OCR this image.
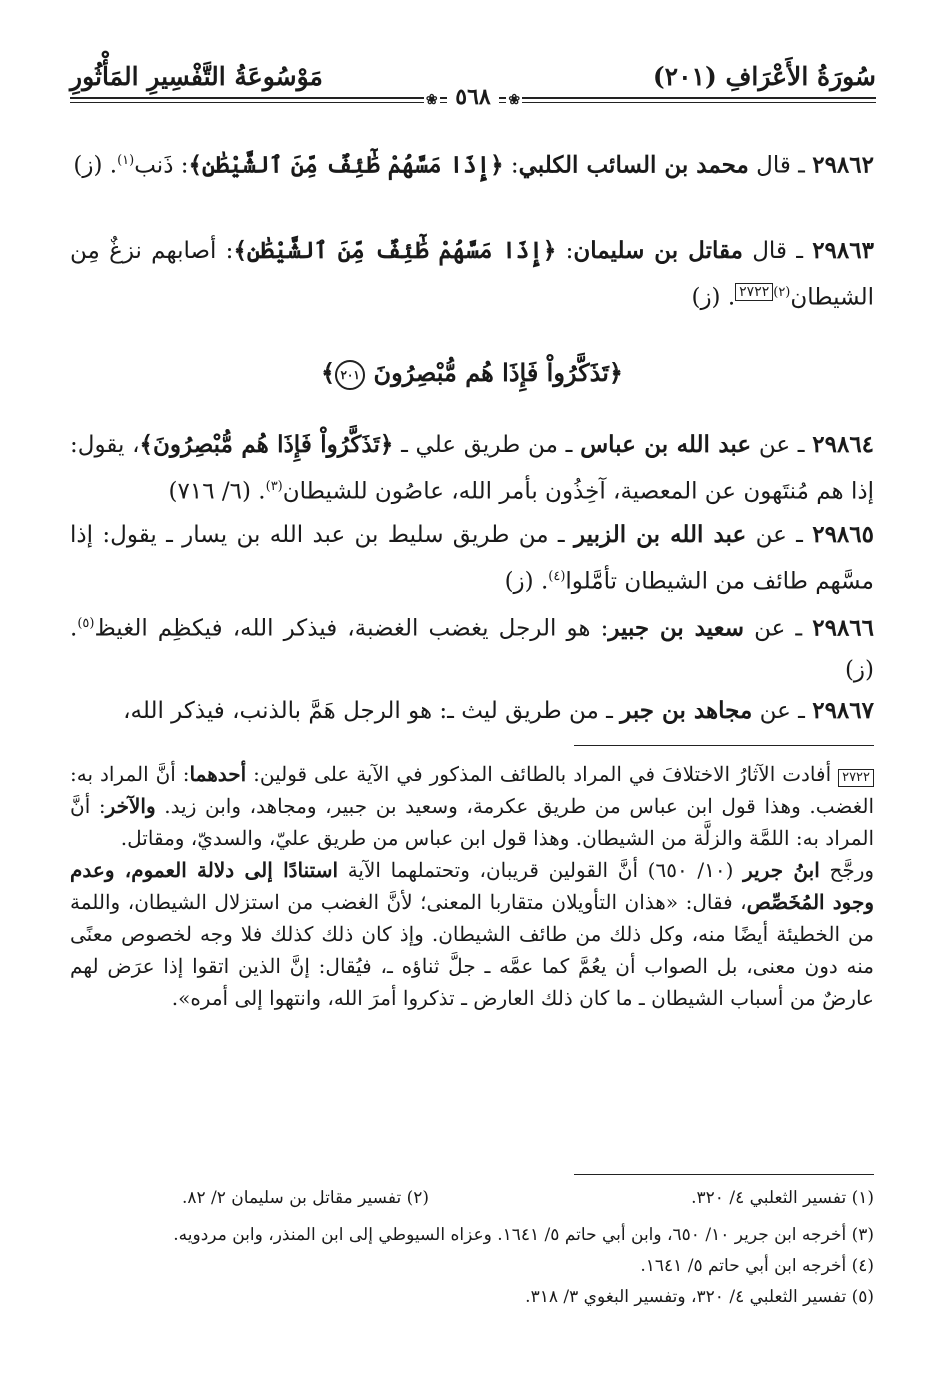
سُورَةُ الأَعْرَافِ (٢٠١)
مَوْسُوعَةُ التَّفْسِيرِ المَأْثُورِ
❀ ٥٦٨ ❀
٢٩٨٦٢ ـ قال محمد بن السائب الكلبي: ﴿إِذَا مَسَّهُمْ طَٰٓئِفٌ مِّنَ ٱلشَّيْطَٰنِ﴾: ذَنب$^{(١)}$. (ز)
٢٩٨٦٣ ـ قال مقاتل بن سليمان: ﴿إِذَا مَسَّهُمْ طَٰٓئِفٌ مِّنَ ٱلشَّيْطَٰنِ﴾: أصابهم نزغٌ مِن الشيطان$^{(٢)}$٢٧٢٢. (ز)
﴿تَذَكَّرُواْ فَإِذَا هُم مُّبْصِرُونَ ٢٠١﴾
٢٩٨٦٤ ـ عن عبد الله بن عباس ـ من طريق علي ـ ﴿تَذَكَّرُواْ فَإِذَا هُم مُّبْصِرُونَ﴾، يقول: إذا هم مُنتَهون عن المعصية، آخِذُون بأمر الله، عاصُون للشيطان$^{(٣)}$. (٦/ ٧١٦)
٢٩٨٦٥ ـ عن عبد الله بن الزبير ـ من طريق سليط بن عبد الله بن يسار ـ يقول: إذا مسَّهم طائف من الشيطان تأمَّلوا$^{(٤)}$. (ز)
٢٩٨٦٦ ـ عن سعيد بن جبير: هو الرجل يغضب الغضبة، فيذكر الله، فيكظِم الغيظ$^{(٥)}$. (ز)
٢٩٨٦٧ ـ عن مجاهد بن جبر ـ من طريق ليث ـ: هو الرجل هَمَّ بالذنب، فيذكر الله،
٢٧٢٢ أفادت الآثارُ الاختلافَ في المراد بالطائف المذكور في الآية على قولين: أحدهما: أنَّ المراد به: الغضب. وهذا قول ابن عباس من طريق عكرمة، وسعيد بن جبير، ومجاهد، وابن زيد. والآخر: أنَّ المراد به: اللمَّة والزلَّة من الشيطان. وهذا قول ابن عباس من طريق عليّ، والسديّ، ومقاتل.
ورجَّح ابنُ جرير (١٠/ ٦٥٠) أنَّ القولين قريبان، وتحتملهما الآية استنادًا إلى دلالة العموم، وعدم وجود المُخَصِّص، فقال: «هذان التأويلان متقاربا المعنى؛ لأنَّ الغضب من استزلال الشيطان، واللمة من الخطيئة أيضًا منه، وكل ذلك من طائف الشيطان. وإذ كان ذلك كذلك فلا وجه لخصوص معنًى منه دون معنى، بل الصواب أن يعُمَّ كما عمَّه ـ جلَّ ثناؤه ـ، فيُقال: إنَّ الذين اتقوا إذا عرَض لهم عارضٌ من أسباب الشيطان ـ ما كان ذلك العارض ـ تذكروا أمرَ الله، وانتهوا إلى أمره».
(١) تفسير الثعلبي ٤/ ٣٢٠.
(٢) تفسير مقاتل بن سليمان ٢/ ٨٢.
(٣) أخرجه ابن جرير ١٠/ ٦٥٠، وابن أبي حاتم ٥/ ١٦٤١. وعزاه السيوطي إلى ابن المنذر، وابن مردويه.
(٤) أخرجه ابن أبي حاتم ٥/ ١٦٤١.
(٥) تفسير الثعلبي ٤/ ٣٢٠، وتفسير البغوي ٣/ ٣١٨.
